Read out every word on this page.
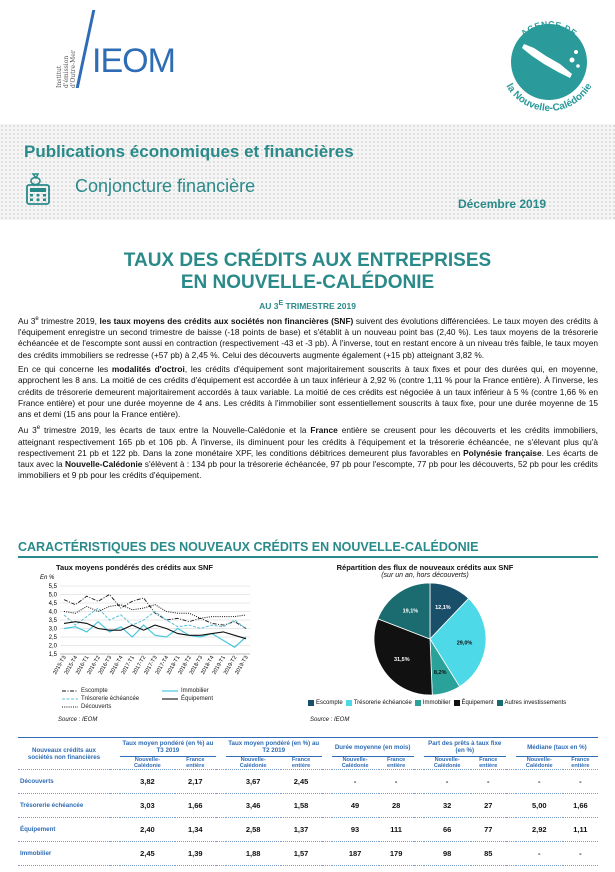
Institut d'émission d'Outre-Mer IEOM
AGENCE DE
la Nouvelle-Calédonie
Publications économiques et financières
Conjoncture financière
Décembre 2019
TAUX DES CRÉDITS AUX ENTREPRISES
EN NOUVELLE-CALÉDONIE
AU $3^E$ TRIMESTRE 2019

Au 3e trimestre 2019, les taux moyens des crédits aux sociétés non financières (SNF) suivent des évolutions différenciées. Le taux moyen des crédits à l'équipement enregistre un second trimestre de baisse (-18 points de base) et s'établit à un nouveau point bas (2,40 %). Les taux moyens de la trésorerie échéancée et de l'escompte sont aussi en contraction (respectivement -43 et -3 pb). À l'inverse, tout en restant encore à un niveau très faible, le taux moyen des crédits immobiliers se redresse (+57 pb) à 2,45 %. Celui des découverts augmente également (+15 pb) atteignant 3,82 %.

En ce qui concerne les modalités d'octroi, les crédits d'équipement sont majoritairement souscrits à taux fixes et pour des durées qui, en moyenne, approchent les 8 ans. La moitié de ces crédits d'équipement est accordée à un taux inférieur à 2,92 % (contre 1,11 % pour la France entière). À l'inverse, les crédits de trésorerie demeurent majoritairement accordés à taux variable. La moitié de ces crédits est négociée à un taux inférieur à 5 % (contre 1,66 % en France entière) et pour une durée moyenne de 4 ans. Les crédits à l'immobilier sont essentiellement souscrits à taux fixe, pour une durée moyenne de 15 ans et demi (15 ans pour la France entière).

Au 3e trimestre 2019, les écarts de taux entre la Nouvelle-Calédonie et la France entière se creusent pour les découverts et les crédits immobiliers, atteignant respectivement 165 pb et 106 pb. À l'inverse, ils diminuent pour les crédits à l'équipement et la trésorerie échéancée, ne s'élevant plus qu'à respectivement 21 pb et 122 pb. Dans la zone monétaire XPF, les conditions débitrices demeurent plus favorables en Polynésie française. Les écarts de taux avec la Nouvelle-Calédonie s'élèvent à : 134 pb pour la trésorerie échéancée, 97 pb pour l'escompte, 77 pb pour les découverts, 52 pb pour les crédits immobiliers et 9 pb pour les crédits d'équipement.

CARACTÉRISTIQUES DES NOUVEAUX CRÉDITS EN NOUVELLE-CALÉDONIE
Taux moyens pondérés des crédits aux SNF
En %
1,5
2,0
2,5
3,0
3,5
4,0
4,5
5,0
5,5
2015-T3
2015-T4
2016-T1
2016-T2
2016-T3
2016-T4
2017-T1
2017-T2
2017-T3
2017-T4
2018-T1
2018-T2
2018-T3
2018-T4
2019-T1
2019-T2
2019-T3
Escompte	Immobilier
Trésorerie échéancée	Équipement
Découverts
Source : IEOM
Répartition des flux de nouveaux crédits aux SNF
(sur un an, hors découverts)
12,1%
29,0%
8,2%
31,5%
19,1%
Escompte Trésorerie échéancée Immobilier Équipement Autres investissements
Source : IEOM
Nouveaux crédits aux sociétés non financières		Taux moyen pondéré (en %) au T3 2019			Taux moyen pondéré (en %) au T2 2019			Durée moyenne (en mois)			Part des prêts à taux fixe (en %)			Médiane (taux en %)	
		Nouvelle-Calédonie	France entière		Nouvelle-Calédonie	France entière		Nouvelle-Calédonie	France entière		Nouvelle-Calédonie	France entière		Nouvelle-Calédonie	France entière
Découverts		3,82	2,17		3,67	2,45		-	-		-	-		-	-
Trésorerie échéancée		3,03	1,66		3,46	1,58		49	28		32	27		5,00	1,66
Équipement		2,40	1,34		2,58	1,37		93	111		66	77		2,92	1,11
Immobilier		2,45	1,39		1,88	1,57		187	179		98	85		-	-
